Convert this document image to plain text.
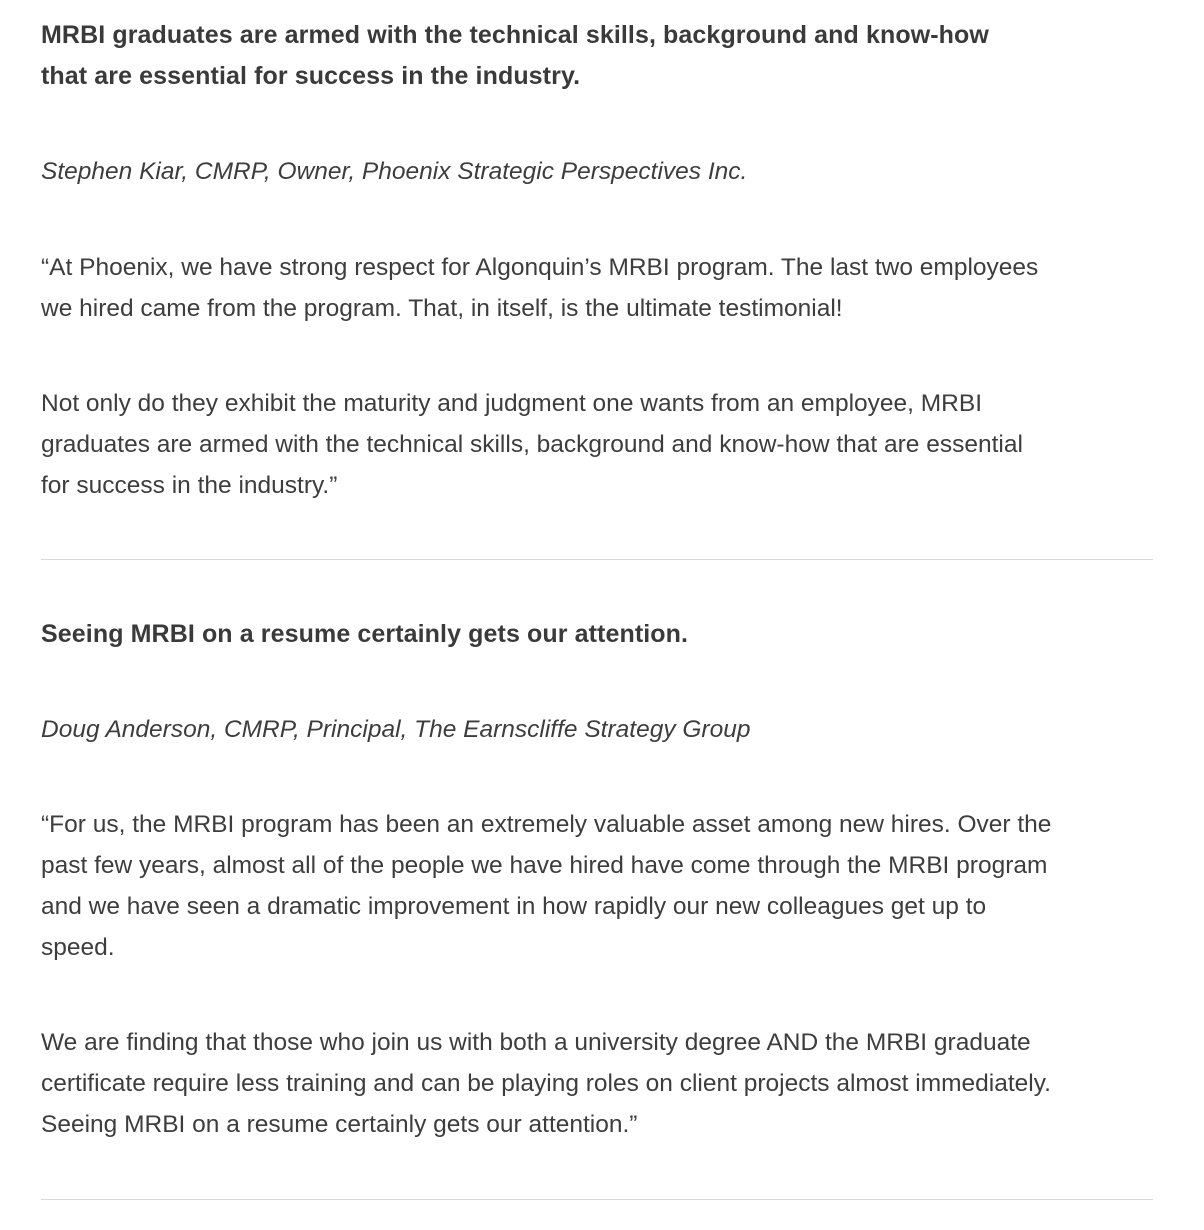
MRBI graduates are armed with the technical skills, background and know-how
that are essential for success in the industry.

Stephen Kiar, CMRP, Owner, Phoenix Strategic Perspectives Inc.

“At Phoenix, we have strong respect for Algonquin’s MRBI program. The last two employees
we hired came from the program. That, in itself, is the ultimate testimonial!

Not only do they exhibit the maturity and judgment one wants from an employee, MRBI
graduates are armed with the technical skills, background and know-how that are essential
for success in the industry.”

Seeing MRBI on a resume certainly gets our attention.

Doug Anderson, CMRP, Principal, The Earnscliffe Strategy Group

“For us, the MRBI program has been an extremely valuable asset among new hires. Over the
past few years, almost all of the people we have hired have come through the MRBI program
and we have seen a dramatic improvement in how rapidly our new colleagues get up to
speed.

We are finding that those who join us with both a university degree AND the MRBI graduate
certificate require less training and can be playing roles on client projects almost immediately.
Seeing MRBI on a resume certainly gets our attention.”
